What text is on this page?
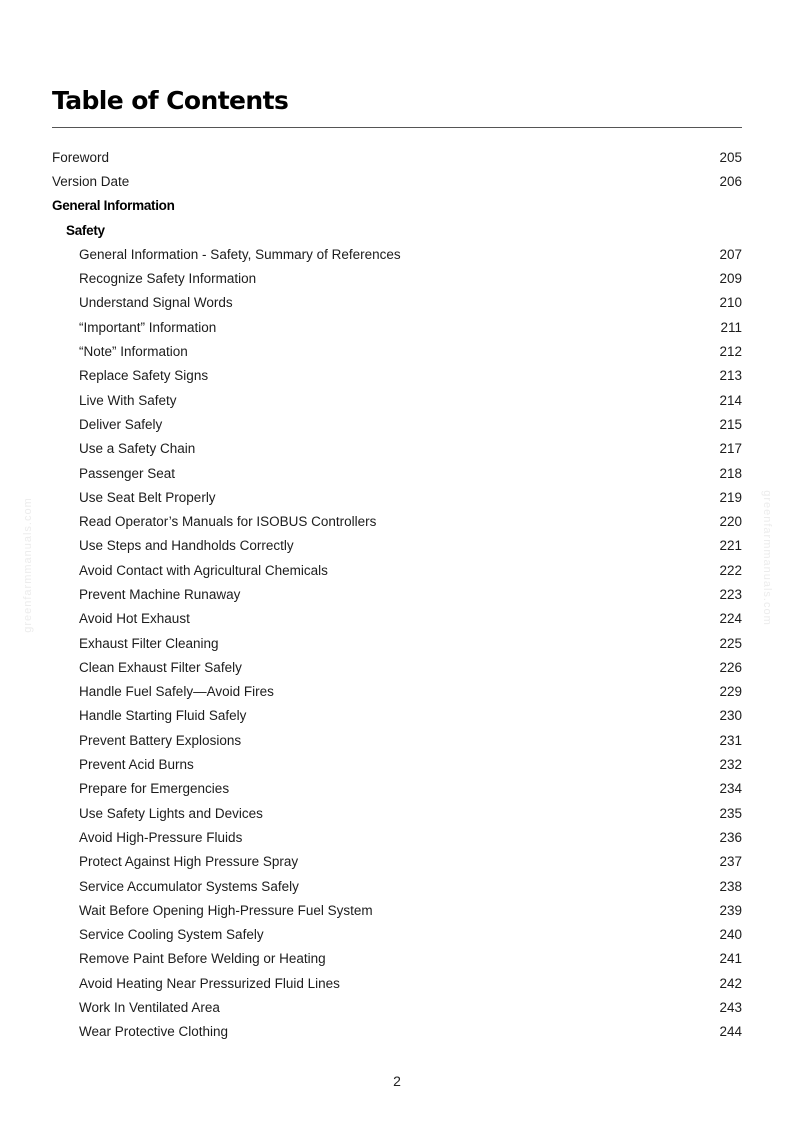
Table of Contents
Foreword	205
Version Date	206
General Information
Safety
General Information - Safety, Summary of References	207
Recognize Safety Information	209
Understand Signal Words	210
“Important” Information	211
“Note” Information	212
Replace Safety Signs	213
Live With Safety	214
Deliver Safely	215
Use a Safety Chain	217
Passenger Seat	218
Use Seat Belt Properly	219
Read Operator’s Manuals for ISOBUS Controllers	220
Use Steps and Handholds Correctly	221
Avoid Contact with Agricultural Chemicals	222
Prevent Machine Runaway	223
Avoid Hot Exhaust	224
Exhaust Filter Cleaning	225
Clean Exhaust Filter Safely	226
Handle Fuel Safely—Avoid Fires	229
Handle Starting Fluid Safely	230
Prevent Battery Explosions	231
Prevent Acid Burns	232
Prepare for Emergencies	234
Use Safety Lights and Devices	235
Avoid High-Pressure Fluids	236
Protect Against High Pressure Spray	237
Service Accumulator Systems Safely	238
Wait Before Opening High-Pressure Fuel System	239
Service Cooling System Safely	240
Remove Paint Before Welding or Heating	241
Avoid Heating Near Pressurized Fluid Lines	242
Work In Ventilated Area	243
Wear Protective Clothing	244
greenfarmmanuals.com	greenfarmmanuals.com
2
